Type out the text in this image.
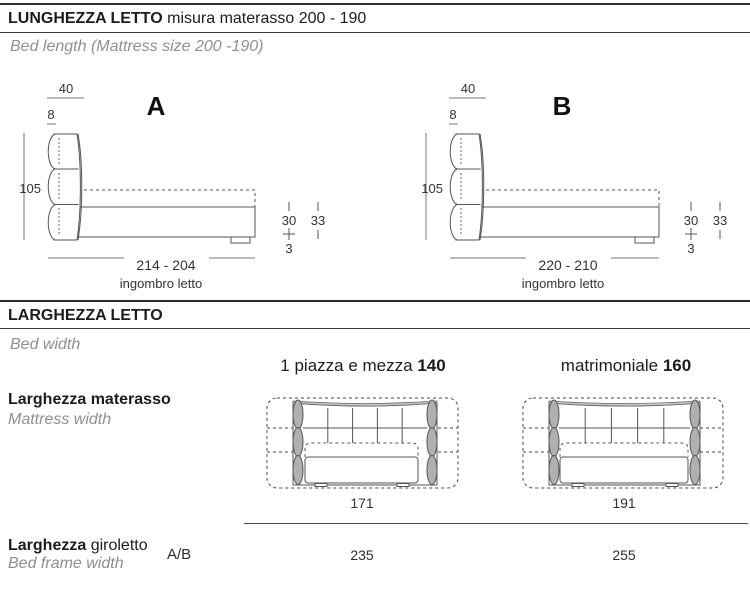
LUNGHEZZA LETTO misura materasso 200 - 190
Bed length (Mattress size 200 -190)
40
8	A
105
30
3
33
214 - 204
ingombro letto
40
8	B
105
30
3
33
220 - 210
ingombro letto
LARGHEZZA LETTO
Bed width
1 piazza e mezza 140	matrimoniale 160
Larghezza materasso
Mattress width
171	191
Larghezza giroletto
A/B
Bed frame width	235	255
